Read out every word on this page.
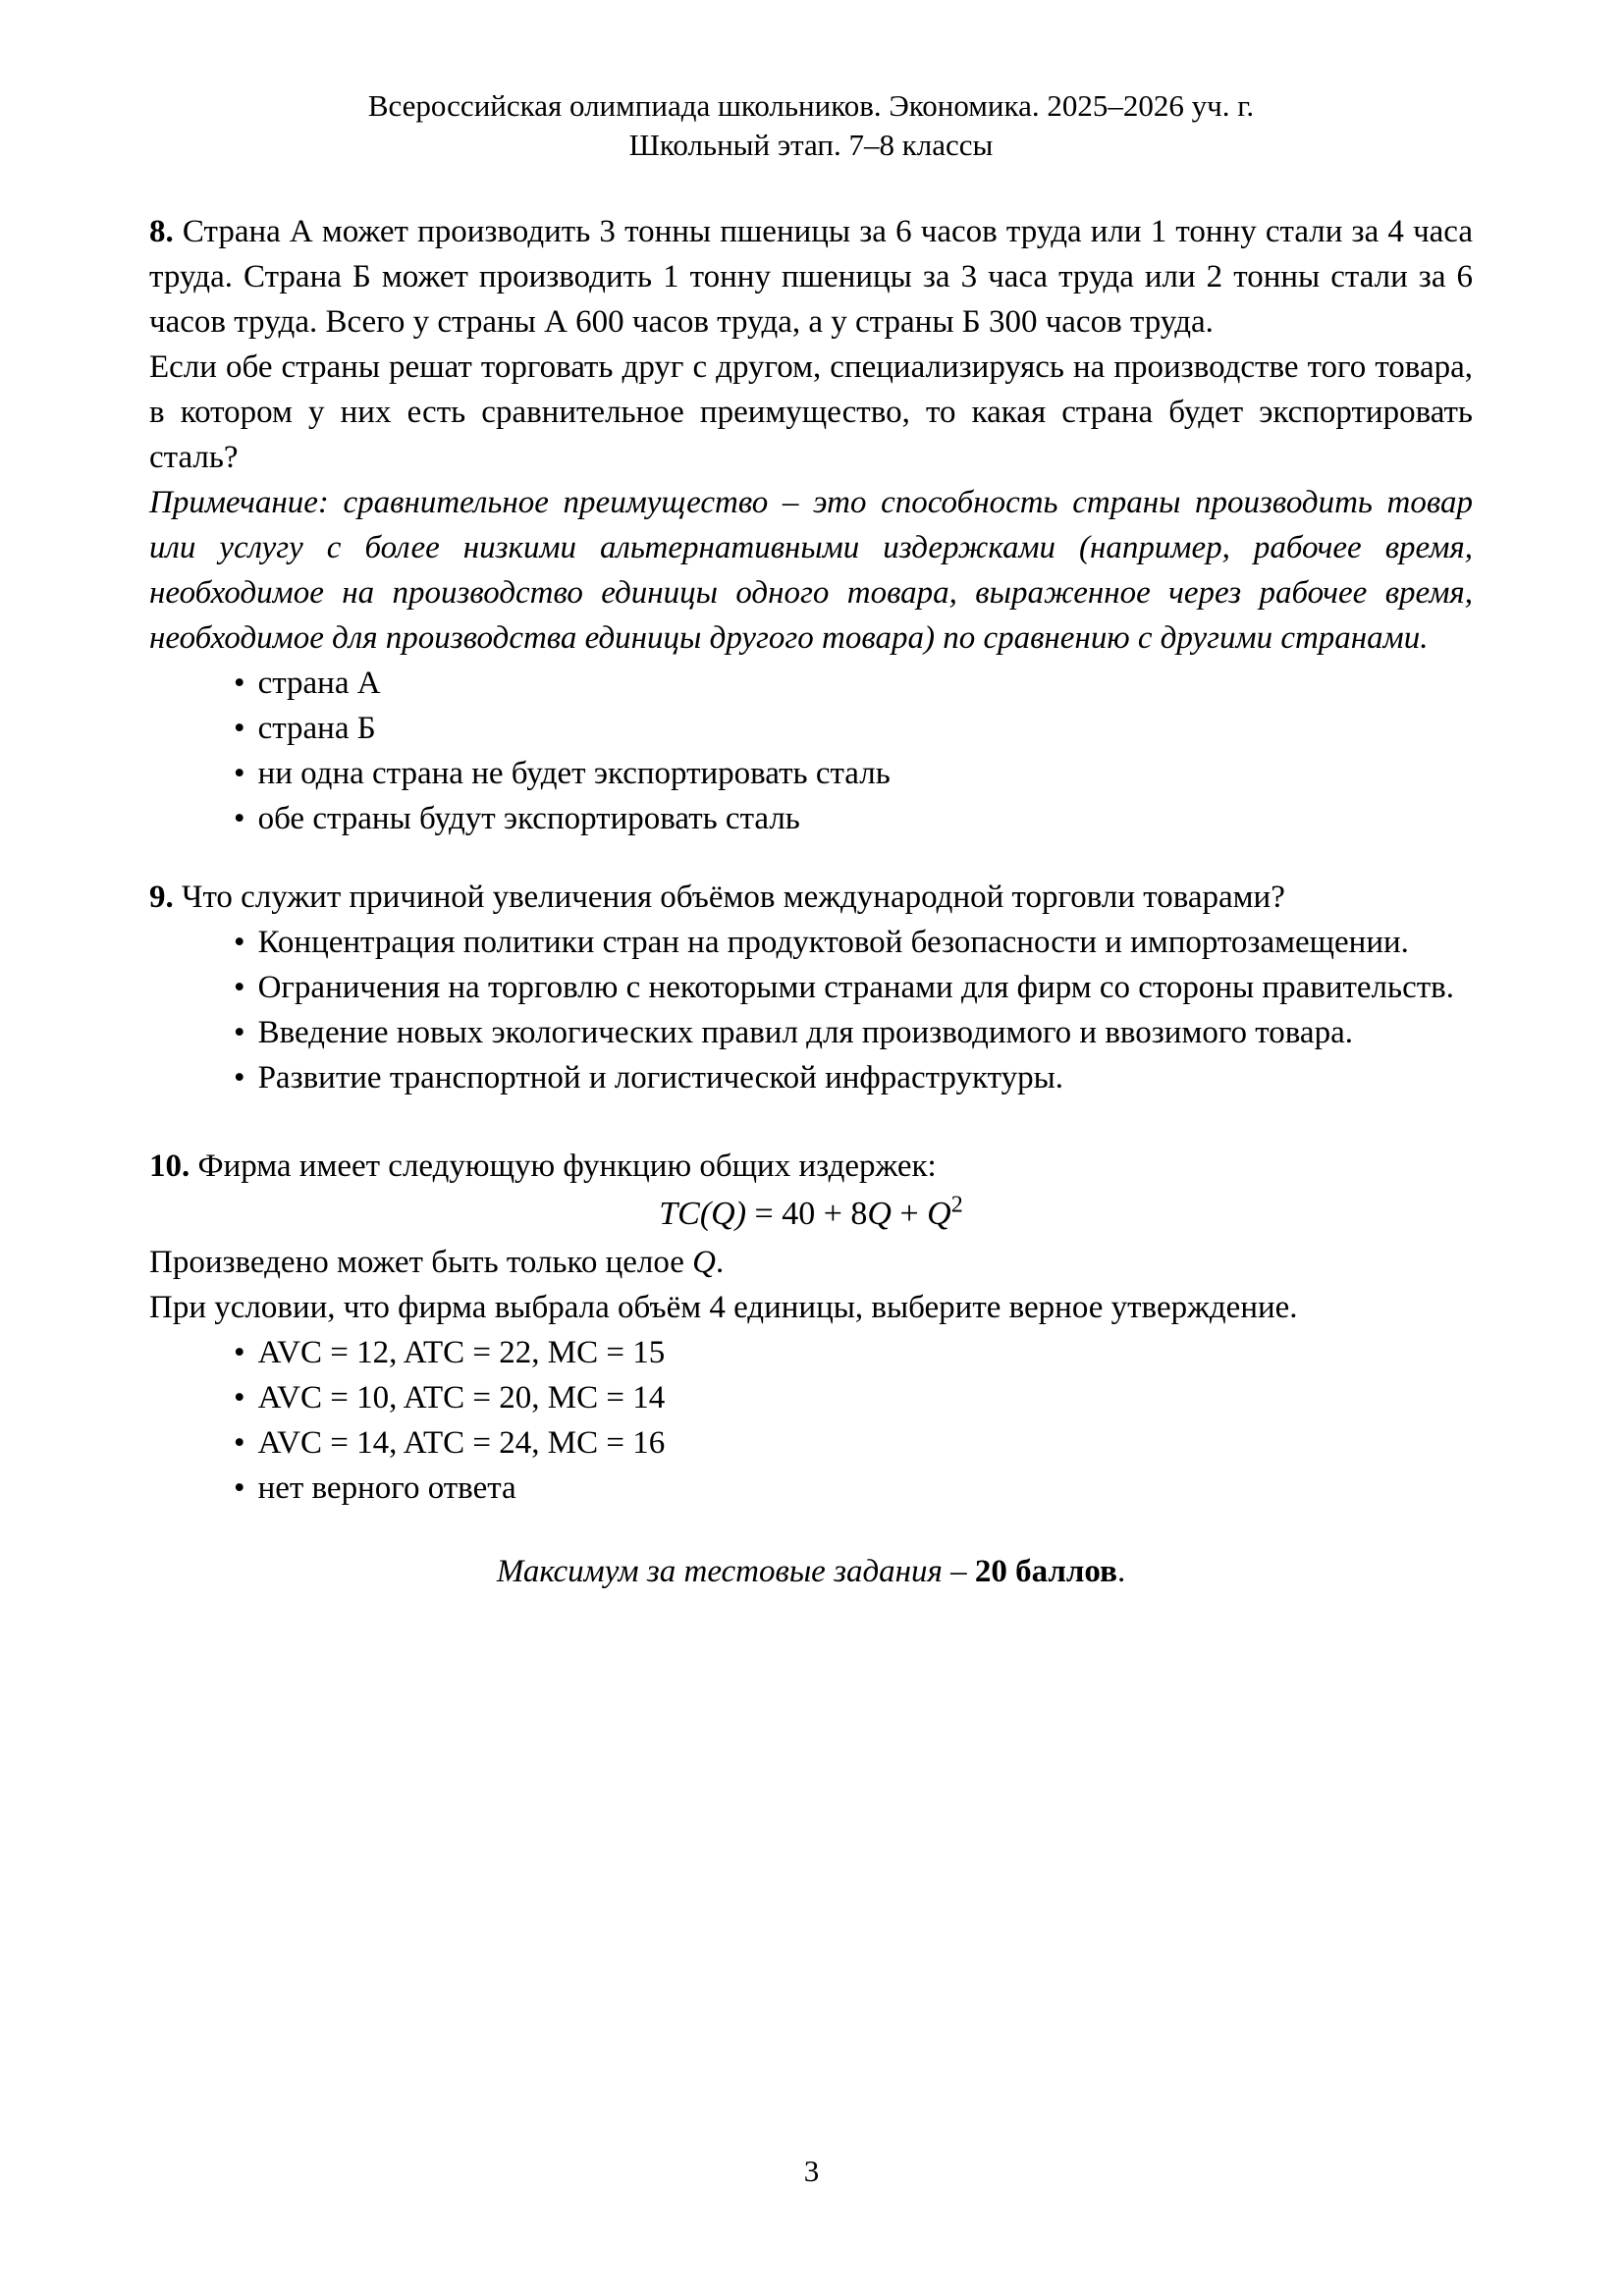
Всероссийская олимпиада школьников. Экономика. 2025–2026 уч. г.
Школьный этап. 7–8 классы

8. Страна А может производить 3 тонны пшеницы за 6 часов труда или 1 тонну стали за 4 часа труда. Страна Б может производить 1 тонну пшеницы за 3 часа труда или 2 тонны стали за 6 часов труда. Всего у страны А 600 часов труда, а у страны Б 300 часов труда.

Если обе страны решат торговать друг с другом, специализируясь на производстве того товара, в котором у них есть сравнительное преимущество, то какая страна будет экспортировать сталь?

Примечание: сравнительное преимущество – это способность страны производить товар или услугу с более низкими альтернативными издержками (например, рабочее время, необходимое на производство единицы одного товара, выраженное через рабочее время, необходимое для производства единицы другого товара) по сравнению с другими странами.

• страна А
• страна Б
• ни одна страна не будет экспортировать сталь
• обе страны будут экспортировать сталь

9. Что служит причиной увеличения объёмов международной торговли товарами?

• Концентрация политики стран на продуктовой безопасности и импортозамещении.
• Ограничения на торговлю с некоторыми странами для фирм со стороны правительств.
• Введение новых экологических правил для производимого и ввозимого товара.
• Развитие транспортной и логистической инфраструктуры.

10. Фирма имеет следующую функцию общих издержек:

$TC(Q) = 40 + 8Q + Q^2$

Произведено может быть только целое Q.

При условии, что фирма выбрала объём 4 единицы, выберите верное утверждение.

• AVC = 12, ATC = 22, MC = 15
• AVC = 10, ATC = 20, MC = 14
• AVC = 14, ATC = 24, MC = 16
• нет верного ответа

Максимум за тестовые задания – 20 баллов.

3
